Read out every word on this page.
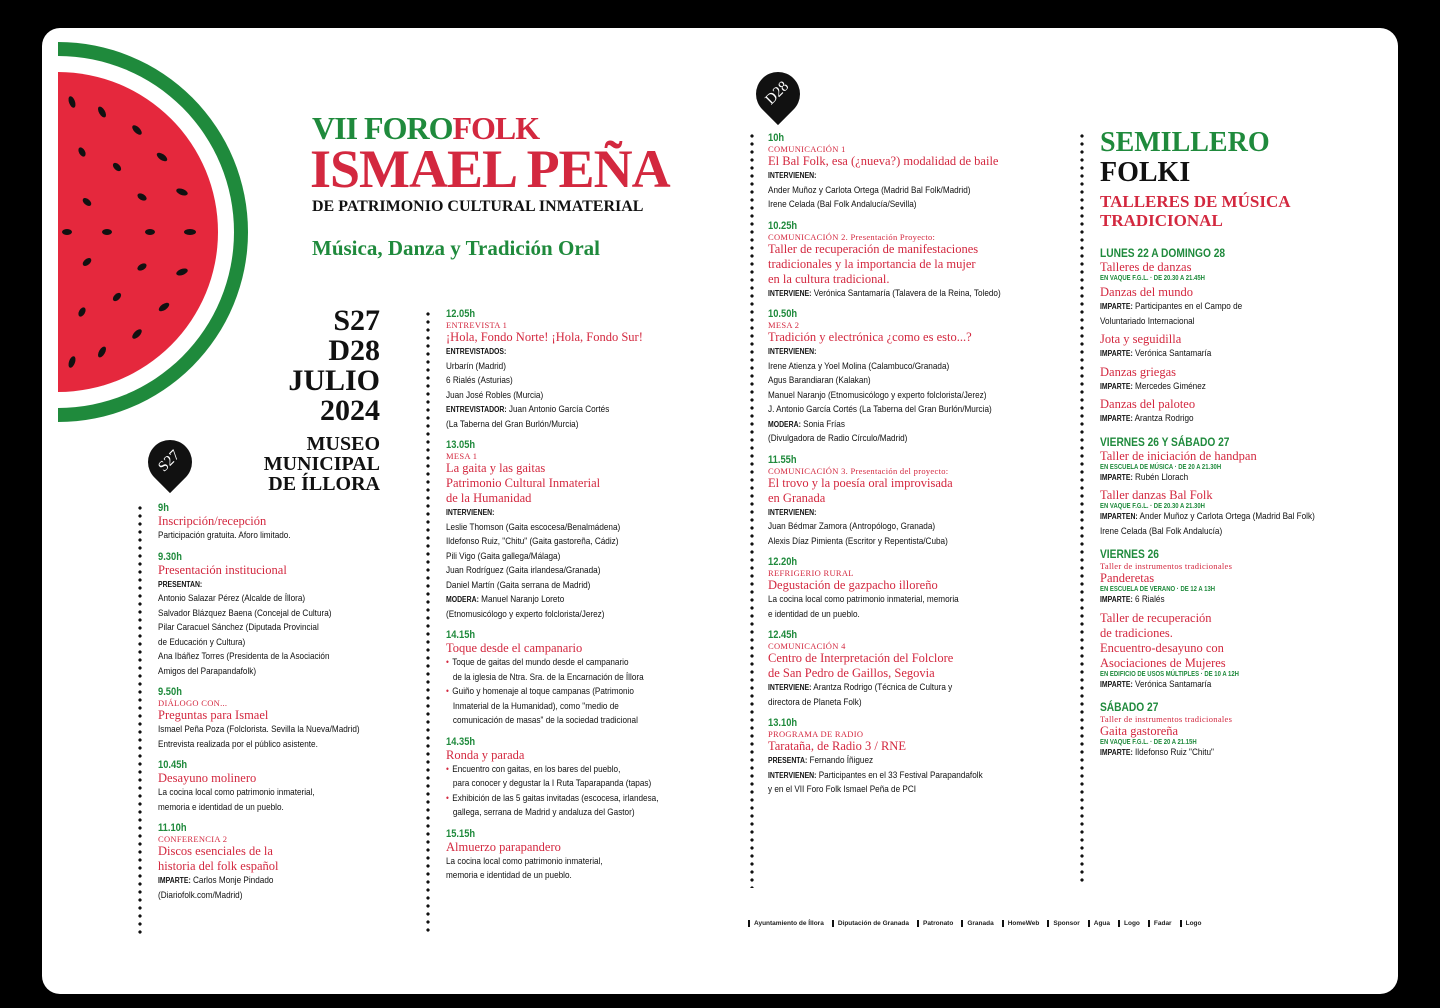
VII FOROFOLK
ISMAEL PEÑA
DE PATRIMONIO CULTURAL INMATERIAL
Música, Danza y Tradición Oral
S27
D28
JULIO
2024
MUSEO
MUNICIPAL
DE ÍLLORA
S27
D28
9h
Inscripción/recepción
Participación gratuita. Aforo limitado.
9.30h
Presentación institucional
PRESENTAN:
Antonio Salazar Pérez (Alcalde de Íllora)
Salvador Blázquez Baena (Concejal de Cultura)
Pilar Caracuel Sánchez (Diputada Provincial
de Educación y Cultura)
Ana Ibáñez Torres (Presidenta de la Asociación
Amigos del Parapandafolk)
9.50h
DIÁLOGO CON...
Preguntas para Ismael
Ismael Peña Poza (Folclorista. Sevilla la Nueva/Madrid)
Entrevista realizada por el público asistente.
10.45h
Desayuno molinero
La cocina local como patrimonio inmaterial,
memoria e identidad de un pueblo.
11.10h
CONFERENCIA 2
Discos esenciales de la
historia del folk español
IMPARTE: Carlos Monje Pindado
(Diariofolk.com/Madrid)
12.05h
ENTREVISTA 1
¡Hola, Fondo Norte! ¡Hola, Fondo Sur!
ENTREVISTADOS:
Urbarín (Madrid)
6 Rialés (Asturias)
Juan José Robles (Murcia)
ENTREVISTADOR: Juan Antonio García Cortés
(La Taberna del Gran Burlón/Murcia)
13.05h
MESA 1
La gaita y las gaitas
Patrimonio Cultural Inmaterial
de la Humanidad
INTERVIENEN:
Leslie Thomson (Gaita escocesa/Benalmádena)
Ildefonso Ruiz, "Chitu" (Gaita gastoreña, Cádiz)
Pili Vigo (Gaita gallega/Málaga)
Juan Rodríguez (Gaita irlandesa/Granada)
Daniel Martín (Gaita serrana de Madrid)
MODERA: Manuel Naranjo Loreto
(Etnomusicólogo y experto folclorista/Jerez)
14.15h
Toque desde el campanario
• Toque de gaitas del mundo desde el campanario
de la iglesia de Ntra. Sra. de la Encarnación de Íllora
• Guiño y homenaje al toque campanas (Patrimonio
Inmaterial de la Humanidad), como "medio de
comunicación de masas" de la sociedad tradicional
14.35h
Ronda y parada
• Encuentro con gaitas, en los bares del pueblo,
para conocer y degustar la I Ruta Taparapanda (tapas)
• Exhibición de las 5 gaitas invitadas (escocesa, irlandesa,
gallega, serrana de Madrid y andaluza del Gastor)
15.15h
Almuerzo parapandero
La cocina local como patrimonio inmaterial,
memoria e identidad de un pueblo.
10h
COMUNICACIÓN 1
El Bal Folk, esa (¿nueva?) modalidad de baile
INTERVIENEN:
Ander Muñoz y Carlota Ortega (Madrid Bal Folk/Madrid)
Irene Celada (Bal Folk Andalucía/Sevilla)
10.25h
COMUNICACIÓN 2. Presentación Proyecto:
Taller de recuperación de manifestaciones
tradicionales y la importancia de la mujer
en la cultura tradicional.
INTERVIENE: Verónica Santamaría (Talavera de la Reina, Toledo)
10.50h
MESA 2
Tradición y electrónica ¿como es esto...?
INTERVIENEN:
Irene Atienza y Yoel Molina (Calambuco/Granada)
Agus Barandiaran (Kalakan)
Manuel Naranjo (Etnomusicólogo y experto folclorista/Jerez)
J. Antonio García Cortés (La Taberna del Gran Burlón/Murcia)
MODERA: Sonia Frías
(Divulgadora de Radio Círculo/Madrid)
11.55h
COMUNICACIÓN 3. Presentación del proyecto:
El trovo y la poesía oral improvisada
en Granada
INTERVIENEN:
Juan Bédmar Zamora (Antropólogo, Granada)
Alexis Díaz Pimienta (Escritor y Repentista/Cuba)
12.20h
REFRIGERIO RURAL
Degustación de gazpacho illoreño
La cocina local como patrimonio inmaterial, memoria
e identidad de un pueblo.
12.45h
COMUNICACIÓN 4
Centro de Interpretación del Folclore
de San Pedro de Gaillos, Segovia
INTERVIENE: Arantza Rodrigo (Técnica de Cultura y
directora de Planeta Folk)
13.10h
PROGRAMA DE RADIO
Tarataña, de Radio 3 / RNE
PRESENTA: Fernando Íñiguez
INTERVIENEN: Participantes en el 33 Festival Parapandafolk
y en el VII Foro Folk Ismael Peña de PCI
SEMILLERO
FOLKI
TALLERES DE MÚSICA
TRADICIONAL
LUNES 22 A DOMINGO 28
Talleres de danzas
EN VAQUE F.G.L. · DE 20.30 A 21.45H
Danzas del mundo
IMPARTE: Participantes en el Campo de
Voluntariado Internacional
Jota y seguidilla
IMPARTE: Verónica Santamaría
Danzas griegas
IMPARTE: Mercedes Giménez
Danzas del paloteo
IMPARTE: Arantza Rodrigo
VIERNES 26 Y SÁBADO 27
Taller de iniciación de handpan
EN ESCUELA DE MÚSICA · DE 20 A 21.30H
IMPARTE: Rubén Llorach
Taller danzas Bal Folk
EN VAQUE F.G.L. · DE 20.30 A 21.30H
IMPARTEN: Ander Muñoz y Carlota Ortega (Madrid Bal Folk)
Irene Celada (Bal Folk Andalucía)
VIERNES 26
Taller de instrumentos tradicionales
Panderetas
EN ESCUELA DE VERANO · DE 12 A 13H
IMPARTE: 6 Rialés
Taller de recuperación
de tradiciones.
Encuentro-desayuno con
Asociaciones de Mujeres
EN EDIFICIO DE USOS MÚLTIPLES · DE 10 A 12H
IMPARTE: Verónica Santamaría
SÁBADO 27
Taller de instrumentos tradicionales
Gaita gastoreña
EN VAQUE F.G.L. · DE 20 A 21.15H
IMPARTE: Ildefonso Ruiz "Chitu"
Ayuntamiento de Íllora	Diputación de Granada	Patronato	Granada	HomeWeb	Sponsor	Agua	Logo	Fadar	Logo
